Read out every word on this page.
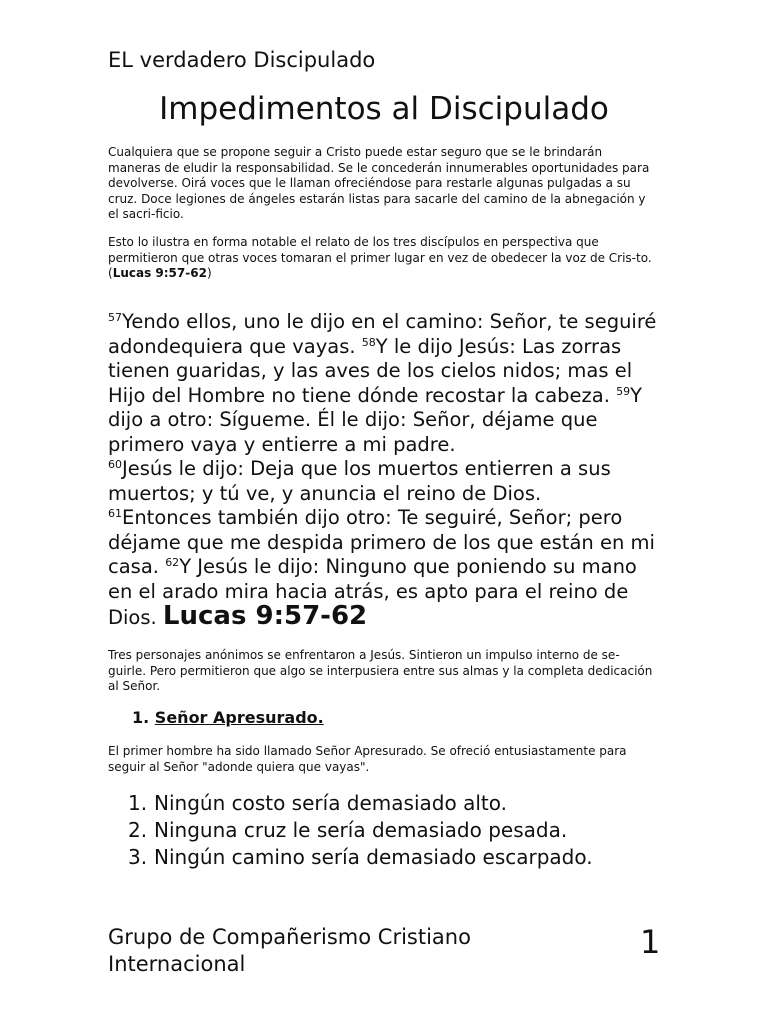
EL verdadero Discipulado
Impedimentos al Discipulado
Cualquiera que se propone seguir a Cristo puede estar seguro que se le brindarán maneras de eludir la responsabilidad. Se le concederán innumerables oportunidades para devolverse. Oirá voces que le llaman ofreciéndose para restarle algunas pulgadas a su cruz. Doce legiones de ángeles estarán listas para sacarle del camino de la abnegación y el sacri-ficio.
Esto lo ilustra en forma notable el relato de los tres discípulos en perspectiva que permitieron que otras voces tomaran el primer lugar en vez de obedecer la voz de Cris-to. (Lucas 9:57-62)
$^{57}$Yendo ellos, uno le dijo en el camino: Señor, te seguiré adondequiera que vayas. $^{58}$Y le dijo Jesús: Las zorras tienen guaridas, y las aves de los cielos nidos; mas el Hijo del Hombre no tiene dónde recostar la cabeza. $^{59}$Y dijo a otro: Sígueme. Él le dijo: Señor, déjame que primero vaya y entierre a mi padre.
$^{60}$Jesús le dijo: Deja que los muertos entierren a sus muertos; y tú ve, y anuncia el reino de Dios.
$^{61}$Entonces también dijo otro: Te seguiré, Señor; pero déjame que me despida primero de los que están en mi casa. $^{62}$Y Jesús le dijo: Ninguno que poniendo su mano en el arado mira hacia atrás, es apto para el reino de Dios. Lucas 9:57-62
Tres personajes anónimos se enfrentaron a Jesús. Sintieron un impulso interno de se-guirle. Pero permitieron que algo se interpusiera entre sus almas y la completa dedicación al Señor.
1. Señor Apresurado.
El primer hombre ha sido llamado Señor Apresurado. Se ofreció entusiastamente para seguir al Señor "adonde quiera que vayas".
1. Ningún costo sería demasiado alto.
2. Ninguna cruz le sería demasiado pesada.
3. Ningún camino sería demasiado escarpado.
Grupo de Compañerismo Cristiano Internacional
1
